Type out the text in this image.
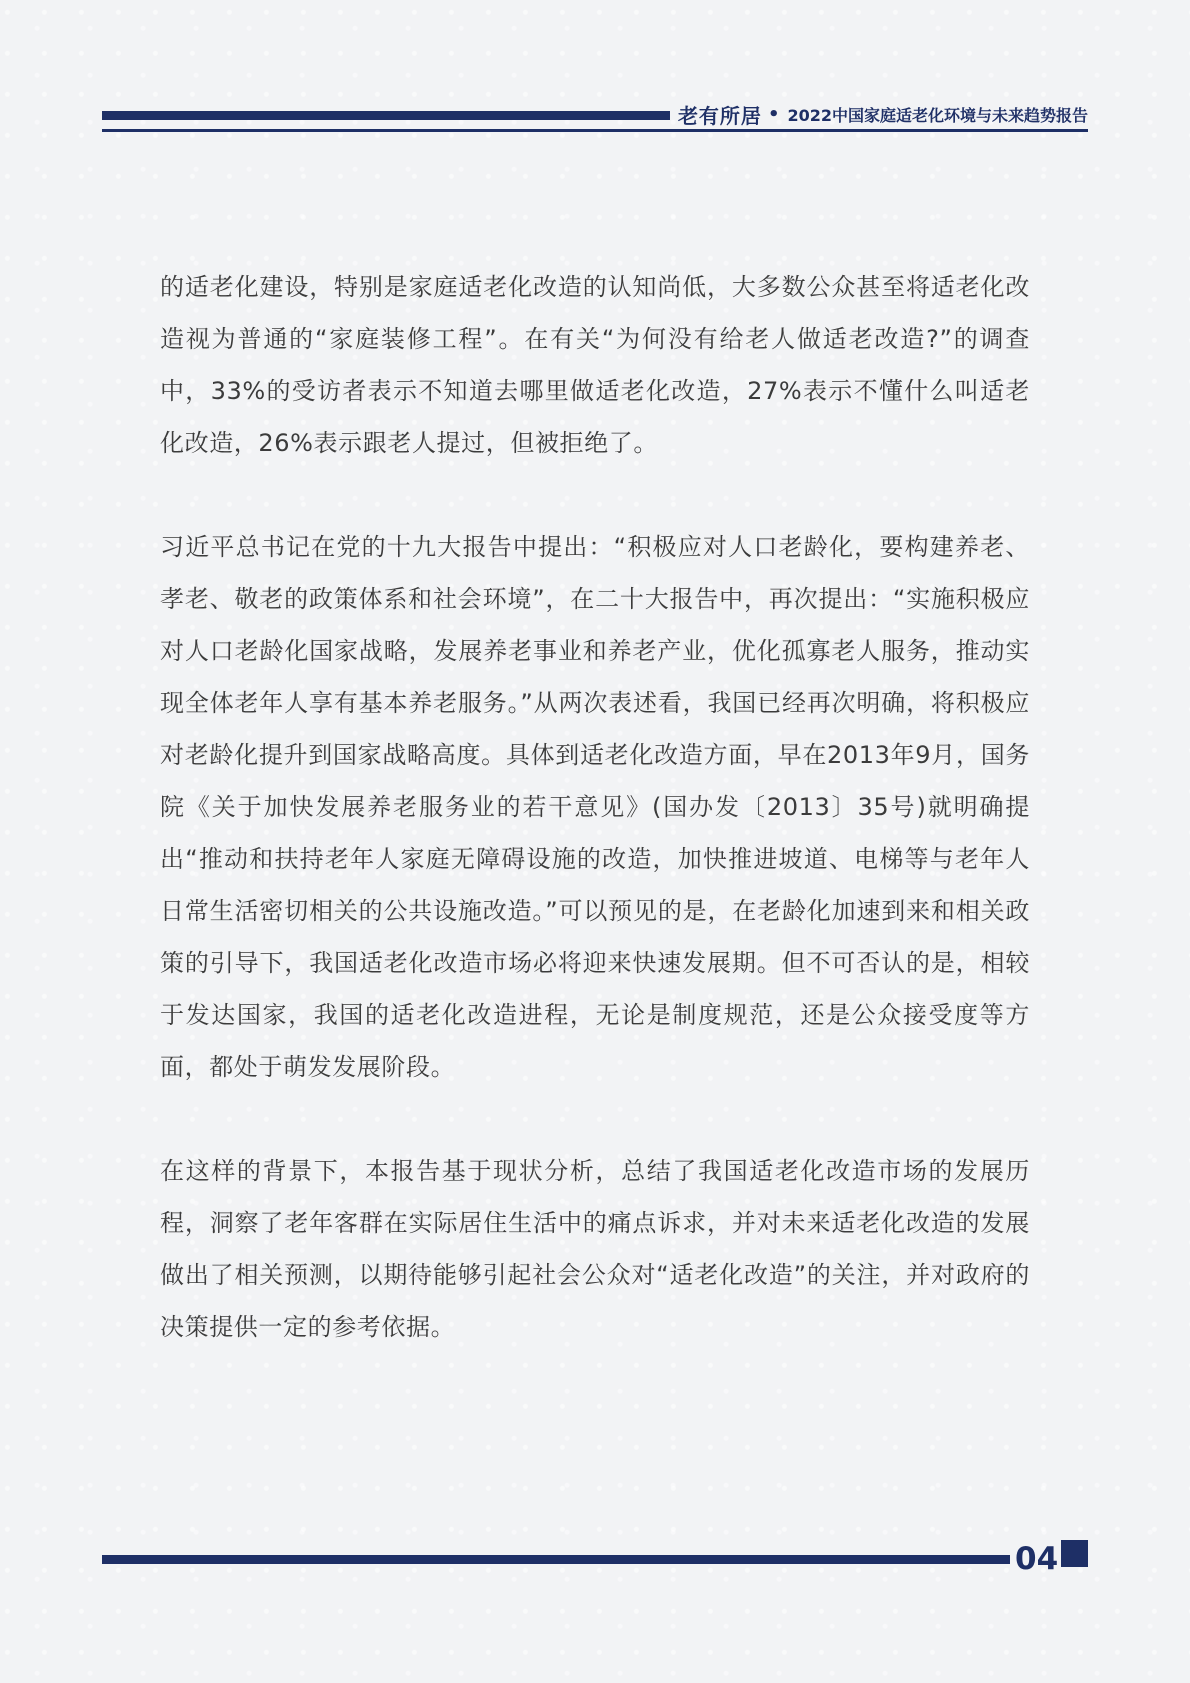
老有所居 • 2022中国家庭适老化环境与未来趋势报告

的适老化建设，特别是家庭适老化改造的认知尚低，大多数公众甚至将适老化改造视为普通的“家庭装修工程”。在有关“为何没有给老人做适老改造?”的调查中，33%的受访者表示不知道去哪里做适老化改造，27%表示不懂什么叫适老化改造，26%表示跟老人提过，但被拒绝了。

习近平总书记在党的十九大报告中提出：“积极应对人口老龄化，要构建养老、孝老、敬老的政策体系和社会环境”，在二十大报告中，再次提出：“实施积极应对人口老龄化国家战略，发展养老事业和养老产业，优化孤寡老人服务，推动实现全体老年人享有基本养老服务。”从两次表述看，我国已经再次明确，将积极应对老龄化提升到国家战略高度。具体到适老化改造方面，早在2013年9月，国务院《关于加快发展养老服务业的若干意见》(国办发〔2013〕35号)就明确提出“推动和扶持老年人家庭无障碍设施的改造，加快推进坡道、电梯等与老年人日常生活密切相关的公共设施改造。”可以预见的是，在老龄化加速到来和相关政策的引导下，我国适老化改造市场必将迎来快速发展期。但不可否认的是，相较于发达国家，我国的适老化改造进程，无论是制度规范，还是公众接受度等方面，都处于萌发发展阶段。

在这样的背景下，本报告基于现状分析，总结了我国适老化改造市场的发展历程，洞察了老年客群在实际居住生活中的痛点诉求，并对未来适老化改造的发展做出了相关预测，以期待能够引起社会公众对“适老化改造”的关注，并对政府的决策提供一定的参考依据。

04
